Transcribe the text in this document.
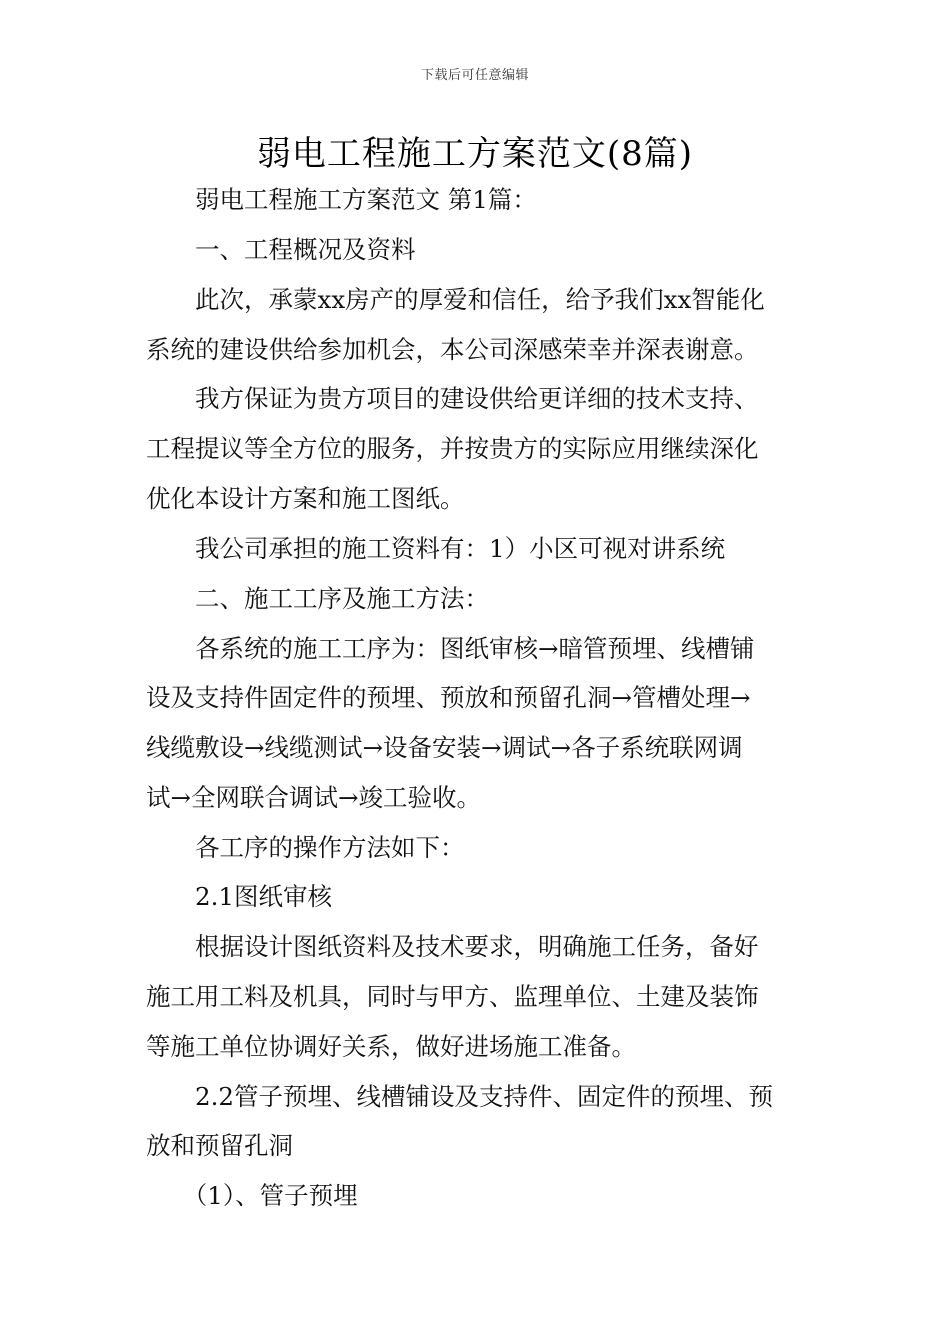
下载后可任意编辑
弱电工程施工方案范文(8篇)
　　弱电工程施工方案范文 第1篇：
　　一、工程概况及资料
　　此次，承蒙xx房产的厚爱和信任，给予我们xx智能化
系统的建设供给参加机会，本公司深感荣幸并深表谢意。
　　我方保证为贵方项目的建设供给更详细的技术支持、
工程提议等全方位的服务，并按贵方的实际应用继续深化
优化本设计方案和施工图纸。
　　我公司承担的施工资料有：1）小区可视对讲系统
　　二、施工工序及施工方法：
　　各系统的施工工序为：图纸审核→暗管预埋、线槽铺
设及支持件固定件的预埋、预放和预留孔洞→管槽处理→
线缆敷设→线缆测试→设备安装→调试→各子系统联网调
试→全网联合调试→竣工验收。
　　各工序的操作方法如下：
　　2.1图纸审核
　　根据设计图纸资料及技术要求，明确施工任务，备好
施工用工料及机具，同时与甲方、监理单位、土建及装饰
等施工单位协调好关系，做好进场施工准备。
　　2.2管子预埋、线槽铺设及支持件、固定件的预埋、预
放和预留孔洞
　　（1）、管子预埋
